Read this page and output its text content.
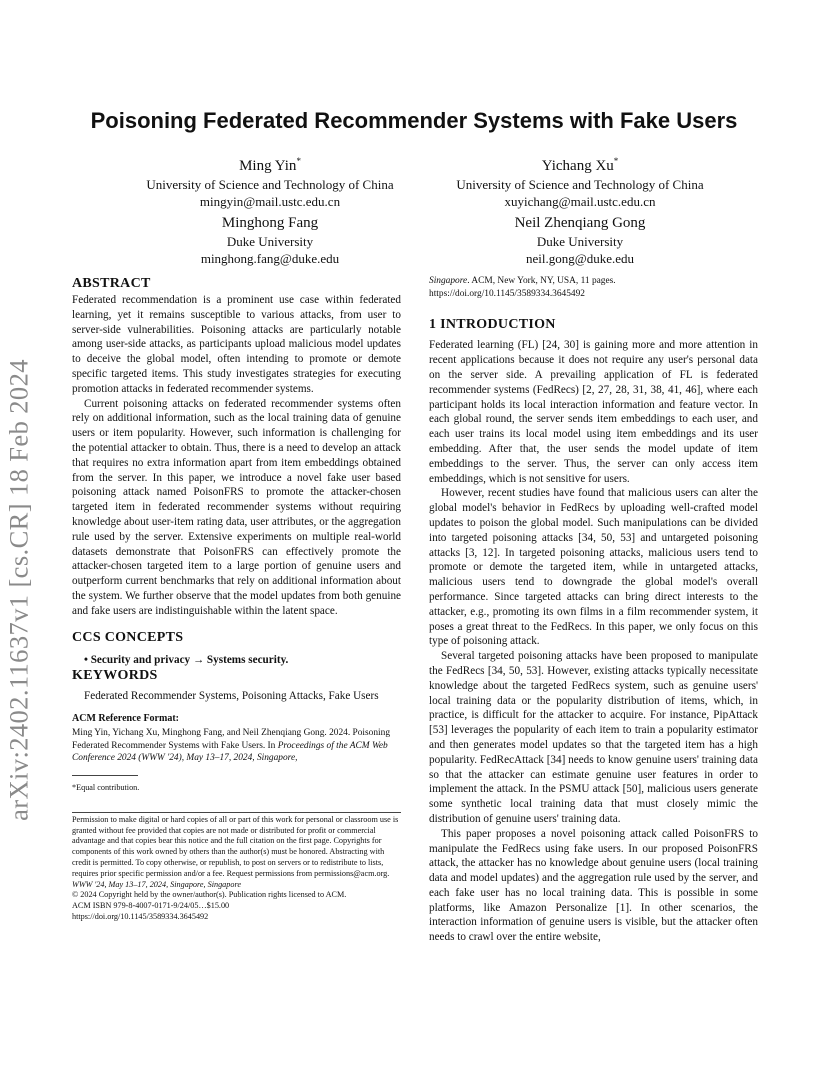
arXiv:2402.11637v1 [cs.CR] 18 Feb 2024
Poisoning Federated Recommender Systems with Fake Users
Ming Yin*
University of Science and Technology of China
mingyin@mail.ustc.edu.cn
Yichang Xu*
University of Science and Technology of China
xuyichang@mail.ustc.edu.cn
Minghong Fang
Duke University
minghong.fang@duke.edu
Neil Zhenqiang Gong
Duke University
neil.gong@duke.edu
ABSTRACT

Federated recommendation is a prominent use case within federated learning, yet it remains susceptible to various attacks, from user to server-side vulnerabilities. Poisoning attacks are particularly notable among user-side attacks, as participants upload malicious model updates to deceive the global model, often intending to promote or demote specific targeted items. This study investigates strategies for executing promotion attacks in federated recommender systems.

Current poisoning attacks on federated recommender systems often rely on additional information, such as the local training data of genuine users or item popularity. However, such information is challenging for the potential attacker to obtain. Thus, there is a need to develop an attack that requires no extra information apart from item embeddings obtained from the server. In this paper, we introduce a novel fake user based poisoning attack named PoisonFRS to promote the attacker-chosen targeted item in federated recommender systems without requiring knowledge about user-item rating data, user attributes, or the aggregation rule used by the server. Extensive experiments on multiple real-world datasets demonstrate that PoisonFRS can effectively promote the attacker-chosen targeted item to a large portion of genuine users and outperform current benchmarks that rely on additional information about the system. We further observe that the model updates from both genuine and fake users are indistinguishable within the latent space.

CCS CONCEPTS
• Security and privacy → Systems security.
KEYWORDS
Federated Recommender Systems, Poisoning Attacks, Fake Users
ACM Reference Format:
Ming Yin, Yichang Xu, Minghong Fang, and Neil Zhenqiang Gong. 2024. Poisoning Federated Recommender Systems with Fake Users. In Proceedings of the ACM Web Conference 2024 (WWW '24), May 13–17, 2024, Singapore,
*Equal contribution.

Permission to make digital or hard copies of all or part of this work for personal or classroom use is granted without fee provided that copies are not made or distributed for profit or commercial advantage and that copies bear this notice and the full citation on the first page. Copyrights for components of this work owned by others than the author(s) must be honored. Abstracting with credit is permitted. To copy otherwise, or republish, to post on servers or to redistribute to lists, requires prior specific permission and/or a fee. Request permissions from permissions@acm.org.

WWW '24, May 13–17, 2024, Singapore, Singapore

© 2024 Copyright held by the owner/author(s). Publication rights licensed to ACM.

ACM ISBN 979-8-4007-0171-9/24/05…$15.00

https://doi.org/10.1145/3589334.3645492

Singapore. ACM, New York, NY, USA, 11 pages. https://doi.org/10.1145/3589334.3645492
1 INTRODUCTION

Federated learning (FL) [24, 30] is gaining more and more attention in recent applications because it does not require any user's personal data on the server side. A prevailing application of FL is federated recommender systems (FedRecs) [2, 27, 28, 31, 38, 41, 46], where each participant holds its local interaction information and feature vector. In each global round, the server sends item embeddings to each user, and each user trains its local model using item embeddings and its user embedding. After that, the user sends the model update of item embeddings to the server. Thus, the server can only access item embeddings, which is not sensitive for users.

However, recent studies have found that malicious users can alter the global model's behavior in FedRecs by uploading well-crafted model updates to poison the global model. Such manipulations can be divided into targeted poisoning attacks [34, 50, 53] and untargeted poisoning attacks [3, 12]. In targeted poisoning attacks, malicious users tend to promote or demote the targeted item, while in untargeted attacks, malicious users tend to downgrade the global model's overall performance. Since targeted attacks can bring direct interests to the attacker, e.g., promoting its own films in a film recommender system, it poses a great threat to the FedRecs. In this paper, we only focus on this type of poisoning attack.

Several targeted poisoning attacks have been proposed to manipulate the FedRecs [34, 50, 53]. However, existing attacks typically necessitate knowledge about the targeted FedRecs system, such as genuine users' local training data or the popularity distribution of items, which, in practice, is difficult for the attacker to acquire. For instance, PipAttack [53] leverages the popularity of each item to train a popularity estimator and then generates model updates so that the targeted item has a high popularity. FedRecAttack [34] needs to know genuine users' training data so that the attacker can estimate genuine user features in order to implement the attack. In the PSMU attack [50], malicious users generate some synthetic local training data that must closely mimic the distribution of genuine users' training data.

This paper proposes a novel poisoning attack called PoisonFRS to manipulate the FedRecs using fake users. In our proposed PoisonFRS attack, the attacker has no knowledge about genuine users (local training data and model updates) and the aggregation rule used by the server, and each fake user has no local training data. This is possible in some platforms, like Amazon Personalize [1]. In other scenarios, the interaction information of genuine users is visible, but the attacker often needs to crawl over the entire website,
